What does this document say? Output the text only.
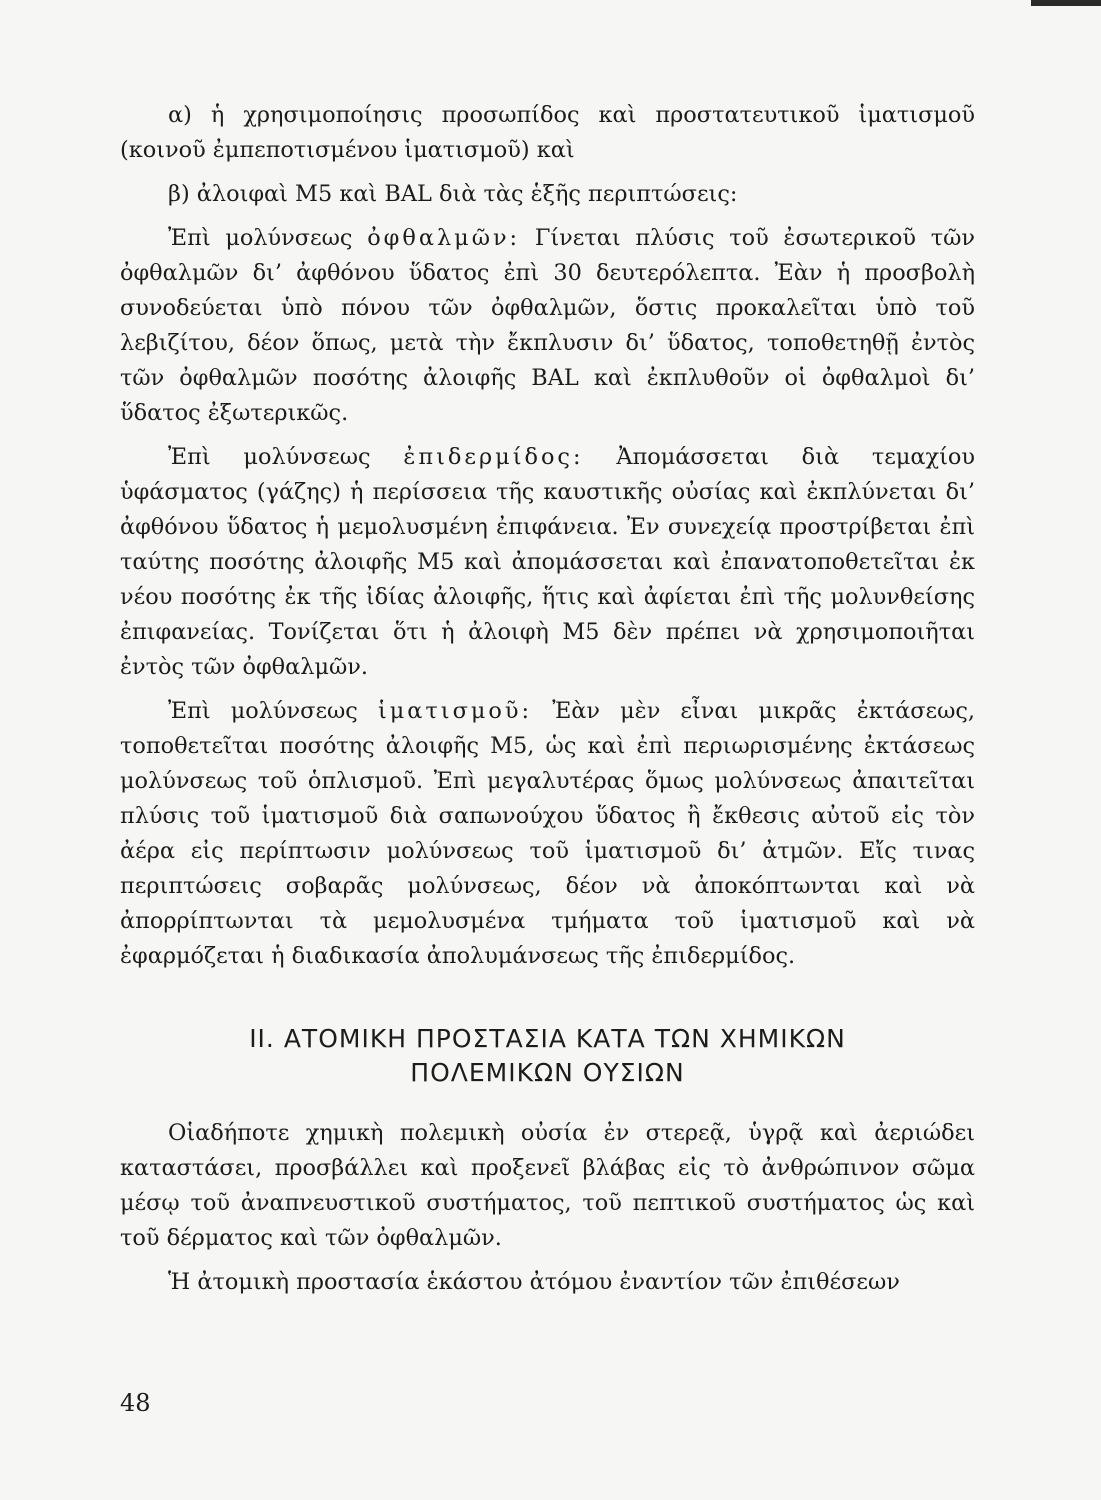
α) ἡ χρησιμοποίησις προσωπίδος καὶ προστατευτικοῦ ἱματισμοῦ (κοινοῦ ἐμπεποτισμένου ἱματισμοῦ) καὶ

β) ἀλοιφαὶ Μ5 καὶ BAL διὰ τὰς ἑξῆς περιπτώσεις:

Ἐπὶ μολύνσεως ὀφθαλμῶν: Γίνεται πλύσις τοῦ ἐσωτερικοῦ τῶν ὀφθαλμῶν δι’ ἀφθόνου ὕδατος ἐπὶ 30 δευτερόλεπτα. Ἐὰν ἡ προσβολὴ συνοδεύεται ὑπὸ πόνου τῶν ὀφθαλμῶν, ὅστις προκαλεῖται ὑπὸ τοῦ λεβιζίτου, δέον ὅπως, μετὰ τὴν ἔκπλυσιν δι’ ὕδατος, τοποθετηθῇ ἐντὸς τῶν ὀφθαλμῶν ποσότης ἀλοιφῆς BAL καὶ ἐκπλυθοῦν οἱ ὀφθαλμοὶ δι’ ὕδατος ἐξωτερικῶς.

Ἐπὶ μολύνσεως ἐπιδερμίδος: Ἀπομάσσεται διὰ τεμαχίου ὑφάσματος (γάζης) ἡ περίσσεια τῆς καυστικῆς οὐσίας καὶ ἐκπλύνεται δι’ ἀφθόνου ὕδατος ἡ μεμολυσμένη ἐπιφάνεια. Ἐν συνεχείᾳ προστρίβεται ἐπὶ ταύτης ποσότης ἀλοιφῆς Μ5 καὶ ἀπομάσσεται καὶ ἐπανατοποθετεῖται ἐκ νέου ποσότης ἐκ τῆς ἰδίας ἀλοιφῆς, ἥτις καὶ ἀφίεται ἐπὶ τῆς μολυνθείσης ἐπιφανείας. Τονίζεται ὅτι ἡ ἀλοιφὴ Μ5 δὲν πρέπει νὰ χρησιμοποιῆται ἐντὸς τῶν ὀφθαλμῶν.

Ἐπὶ μολύνσεως ἱματισμοῦ: Ἐὰν μὲν εἶναι μικρᾶς ἐκτάσεως, τοποθετεῖται ποσότης ἀλοιφῆς Μ5, ὡς καὶ ἐπὶ περιωρισμένης ἐκτάσεως μολύνσεως τοῦ ὁπλισμοῦ. Ἐπὶ μεγαλυτέρας ὅμως μολύνσεως ἀπαιτεῖται πλύσις τοῦ ἱματισμοῦ διὰ σαπωνούχου ὕδατος ἢ ἔκθεσις αὐτοῦ εἰς τὸν ἀέρα εἰς περίπτωσιν μολύνσεως τοῦ ἱματισμοῦ δι’ ἀτμῶν. Εἴς τινας περιπτώσεις σοβαρᾶς μολύνσεως, δέον νὰ ἀποκόπτωνται καὶ νὰ ἀπορρίπτωνται τὰ μεμολυσμένα τμήματα τοῦ ἱματισμοῦ καὶ νὰ ἐφαρμόζεται ἡ διαδικασία ἀπολυμάνσεως τῆς ἐπιδερμίδος.

II. ΑΤΟΜΙΚΗ ΠΡΟΣΤΑΣΙΑ ΚΑΤΑ ΤΩΝ ΧΗΜΙΚΩΝ
ΠΟΛΕΜΙΚΩΝ ΟΥΣΙΩΝ

Οἱαδήποτε χημικὴ πολεμικὴ οὐσία ἐν στερεᾷ, ὑγρᾷ καὶ ἀεριώδει καταστάσει, προσβάλλει καὶ προξενεῖ βλάβας εἰς τὸ ἀνθρώπινον σῶμα μέσῳ τοῦ ἀναπνευστικοῦ συστήματος, τοῦ πεπτικοῦ συστήματος ὡς καὶ τοῦ δέρματος καὶ τῶν ὀφθαλμῶν.

Ἡ ἀτομικὴ προστασία ἑκάστου ἀτόμου ἐναντίον τῶν ἐπιθέσεων

48
